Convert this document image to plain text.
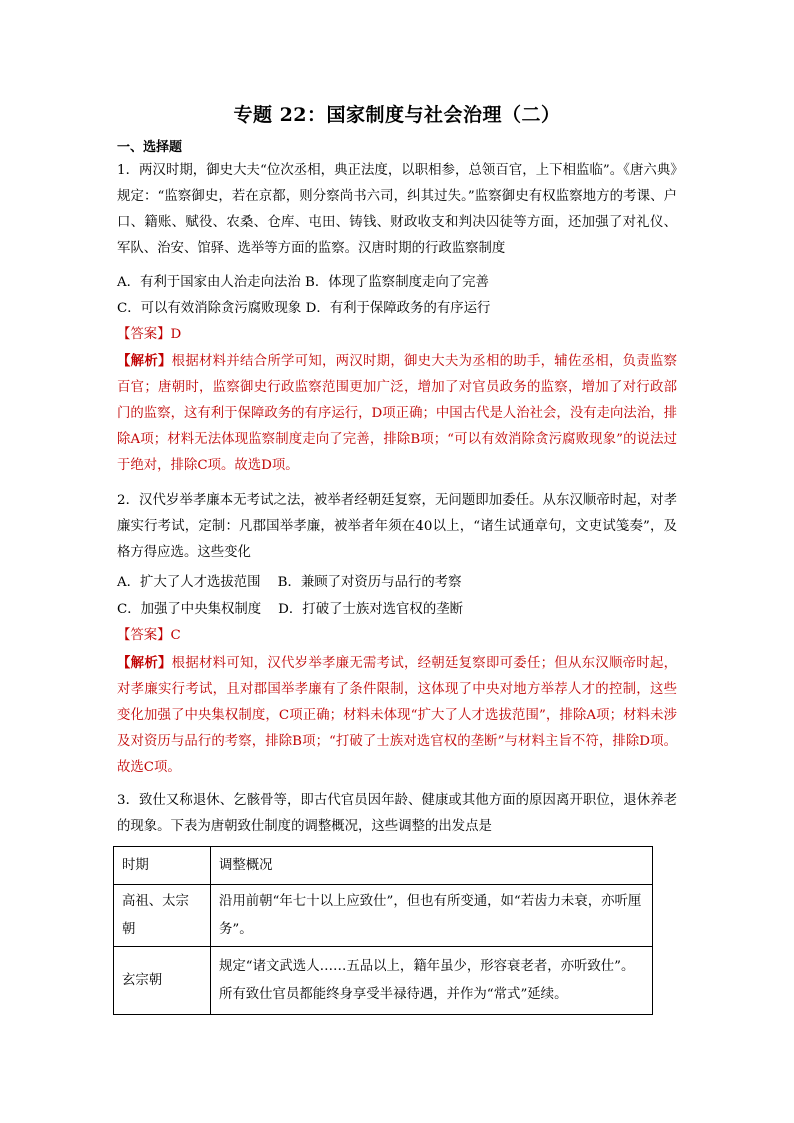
专题 22：国家制度与社会治理（二）
一、选择题
1．两汉时期，御史大夫“位次丞相，典正法度，以职相参，总领百官，上下相监临”。《唐六典》规定：“监察御史，若在京都，则分察尚书六司，纠其过失。”监察御史有权监察地方的考课、户口、籍账、赋役、农桑、仓库、屯田、铸钱、财政收支和判决囚徒等方面，还加强了对礼仪、军队、治安、馆驿、选举等方面的监察。汉唐时期的行政监察制度
A．有利于国家由人治走向法治 B．体现了监察制度走向了完善
C．可以有效消除贪污腐败现象 D．有利于保障政务的有序运行
【答案】D
【解析】根据材料并结合所学可知，两汉时期，御史大夫为丞相的助手，辅佐丞相，负责监察百官；唐朝时，监察御史行政监察范围更加广泛，增加了对官员政务的监察，增加了对行政部门的监察，这有利于保障政务的有序运行，D项正确；中国古代是人治社会，没有走向法治，排除A项；材料无法体现监察制度走向了完善，排除B项；“可以有效消除贪污腐败现象”的说法过于绝对，排除C项。故选D项。
2．汉代岁举孝廉本无考试之法，被举者经朝廷复察，无问题即加委任。从东汉顺帝时起，对孝廉实行考试，定制：凡郡国举孝廉，被举者年须在40以上，“诸生试通章句，文吏试笺奏”，及格方得应选。这些变化
A．扩大了人才选拔范围    B．兼顾了对资历与品行的考察
C．加强了中央集权制度    D．打破了士族对选官权的垄断
【答案】C
【解析】根据材料可知，汉代岁举孝廉无需考试，经朝廷复察即可委任；但从东汉顺帝时起，对孝廉实行考试，且对郡国举孝廉有了条件限制，这体现了中央对地方举荐人才的控制，这些变化加强了中央集权制度，C项正确；材料未体现“扩大了人才选拔范围”，排除A项；材料未涉及对资历与品行的考察，排除B项；“打破了士族对选官权的垄断”与材料主旨不符，排除D项。故选C项。
3．致仕又称退休、乞骸骨等，即古代官员因年龄、健康或其他方面的原因离开职位，退休养老的现象。下表为唐朝致仕制度的调整概况，这些调整的出发点是
时期	调整概况
高祖、太宗朝	沿用前朝“年七十以上应致仕”，但也有所变通，如“若齿力未衰，亦听厘务”。
玄宗朝	规定“诸文武选人……五品以上，籍年虽少，形容衰老者，亦听致仕”。所有致仕官员都能终身享受半禄待遇，并作为“常式”延续。
